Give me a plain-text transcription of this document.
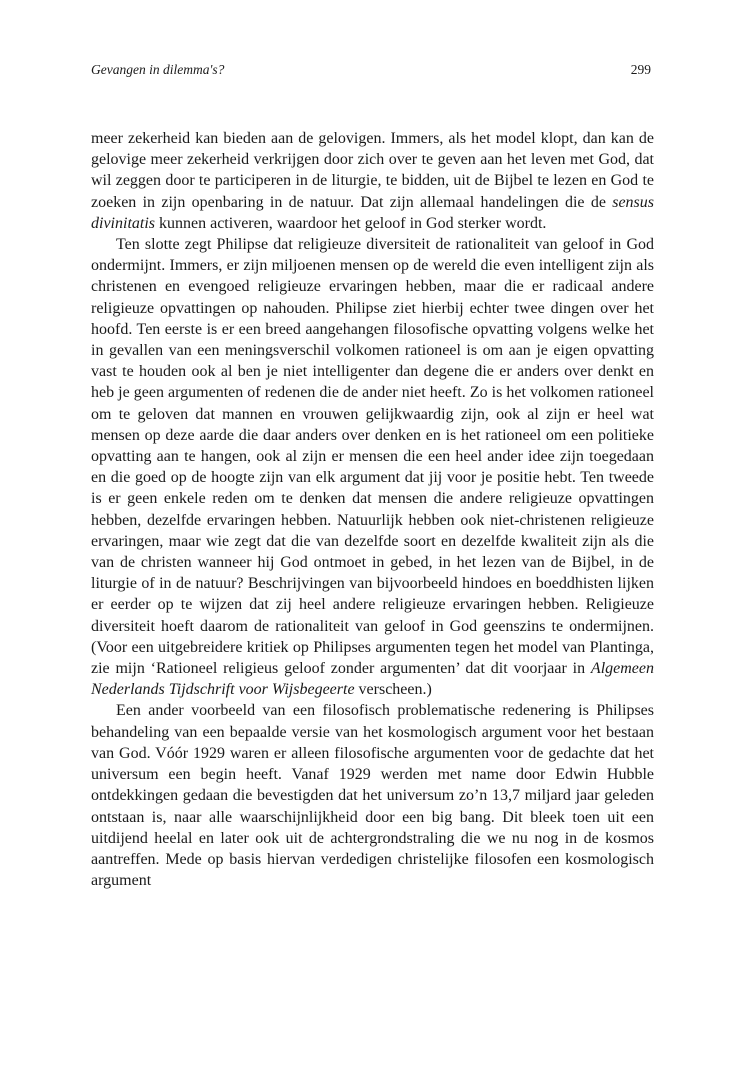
Gevangen in dilemma's?	299

meer zekerheid kan bieden aan de gelovigen. Immers, als het model klopt, dan kan de gelovige meer zekerheid verkrijgen door zich over te geven aan het leven met God, dat wil zeggen door te participeren in de liturgie, te bidden, uit de Bijbel te lezen en God te zoeken in zijn openbaring in de natuur. Dat zijn allemaal handelingen die de sensus divinitatis kunnen activeren, waardoor het geloof in God sterker wordt.

Ten slotte zegt Philipse dat religieuze diversiteit de rationaliteit van geloof in God ondermijnt. Immers, er zijn miljoenen mensen op de wereld die even intelligent zijn als christenen en evengoed religieuze ervaringen hebben, maar die er radicaal andere religieuze opvattingen op nahouden. Philipse ziet hierbij echter twee dingen over het hoofd. Ten eerste is er een breed aangehangen filosofische opvatting volgens welke het in gevallen van een meningsverschil volkomen rationeel is om aan je eigen opvatting vast te houden ook al ben je niet intelligenter dan degene die er anders over denkt en heb je geen argumenten of redenen die de ander niet heeft. Zo is het volkomen rationeel om te geloven dat mannen en vrouwen gelijkwaardig zijn, ook al zijn er heel wat mensen op deze aarde die daar anders over denken en is het rationeel om een politieke opvatting aan te hangen, ook al zijn er mensen die een heel ander idee zijn toegedaan en die goed op de hoogte zijn van elk argument dat jij voor je positie hebt. Ten tweede is er geen enkele reden om te denken dat mensen die andere religieuze opvattingen hebben, dezelfde ervaringen hebben. Natuurlijk hebben ook niet-christenen religieuze ervaringen, maar wie zegt dat die van dezelfde soort en dezelfde kwaliteit zijn als die van de christen wanneer hij God ontmoet in gebed, in het lezen van de Bijbel, in de liturgie of in de natuur? Beschrijvingen van bijvoorbeeld hindoes en boeddhisten lijken er eerder op te wijzen dat zij heel andere religieuze ervaringen hebben. Religieuze diversiteit hoeft daarom de rationaliteit van geloof in God geenszins te ondermijnen. (Voor een uitgebreidere kritiek op Philipses argumenten tegen het model van Plantinga, zie mijn ‘Rationeel religieus geloof zonder argumenten’ dat dit voorjaar in Algemeen Nederlands Tijdschrift voor Wijsbegeerte verscheen.)

Een ander voorbeeld van een filosofisch problematische redenering is Philipses behandeling van een bepaalde versie van het kosmologisch argument voor het bestaan van God. Vóór 1929 waren er alleen filosofische argumenten voor de gedachte dat het universum een begin heeft. Vanaf 1929 werden met name door Edwin Hubble ontdekkingen gedaan die bevestigden dat het universum zo’n 13,7 miljard jaar geleden ontstaan is, naar alle waarschijnlijkheid door een big bang. Dit bleek toen uit een uitdijend heelal en later ook uit de achtergrondstraling die we nu nog in de kosmos aantreffen. Mede op basis hiervan verdedigen christelijke filosofen een kosmologisch argument
